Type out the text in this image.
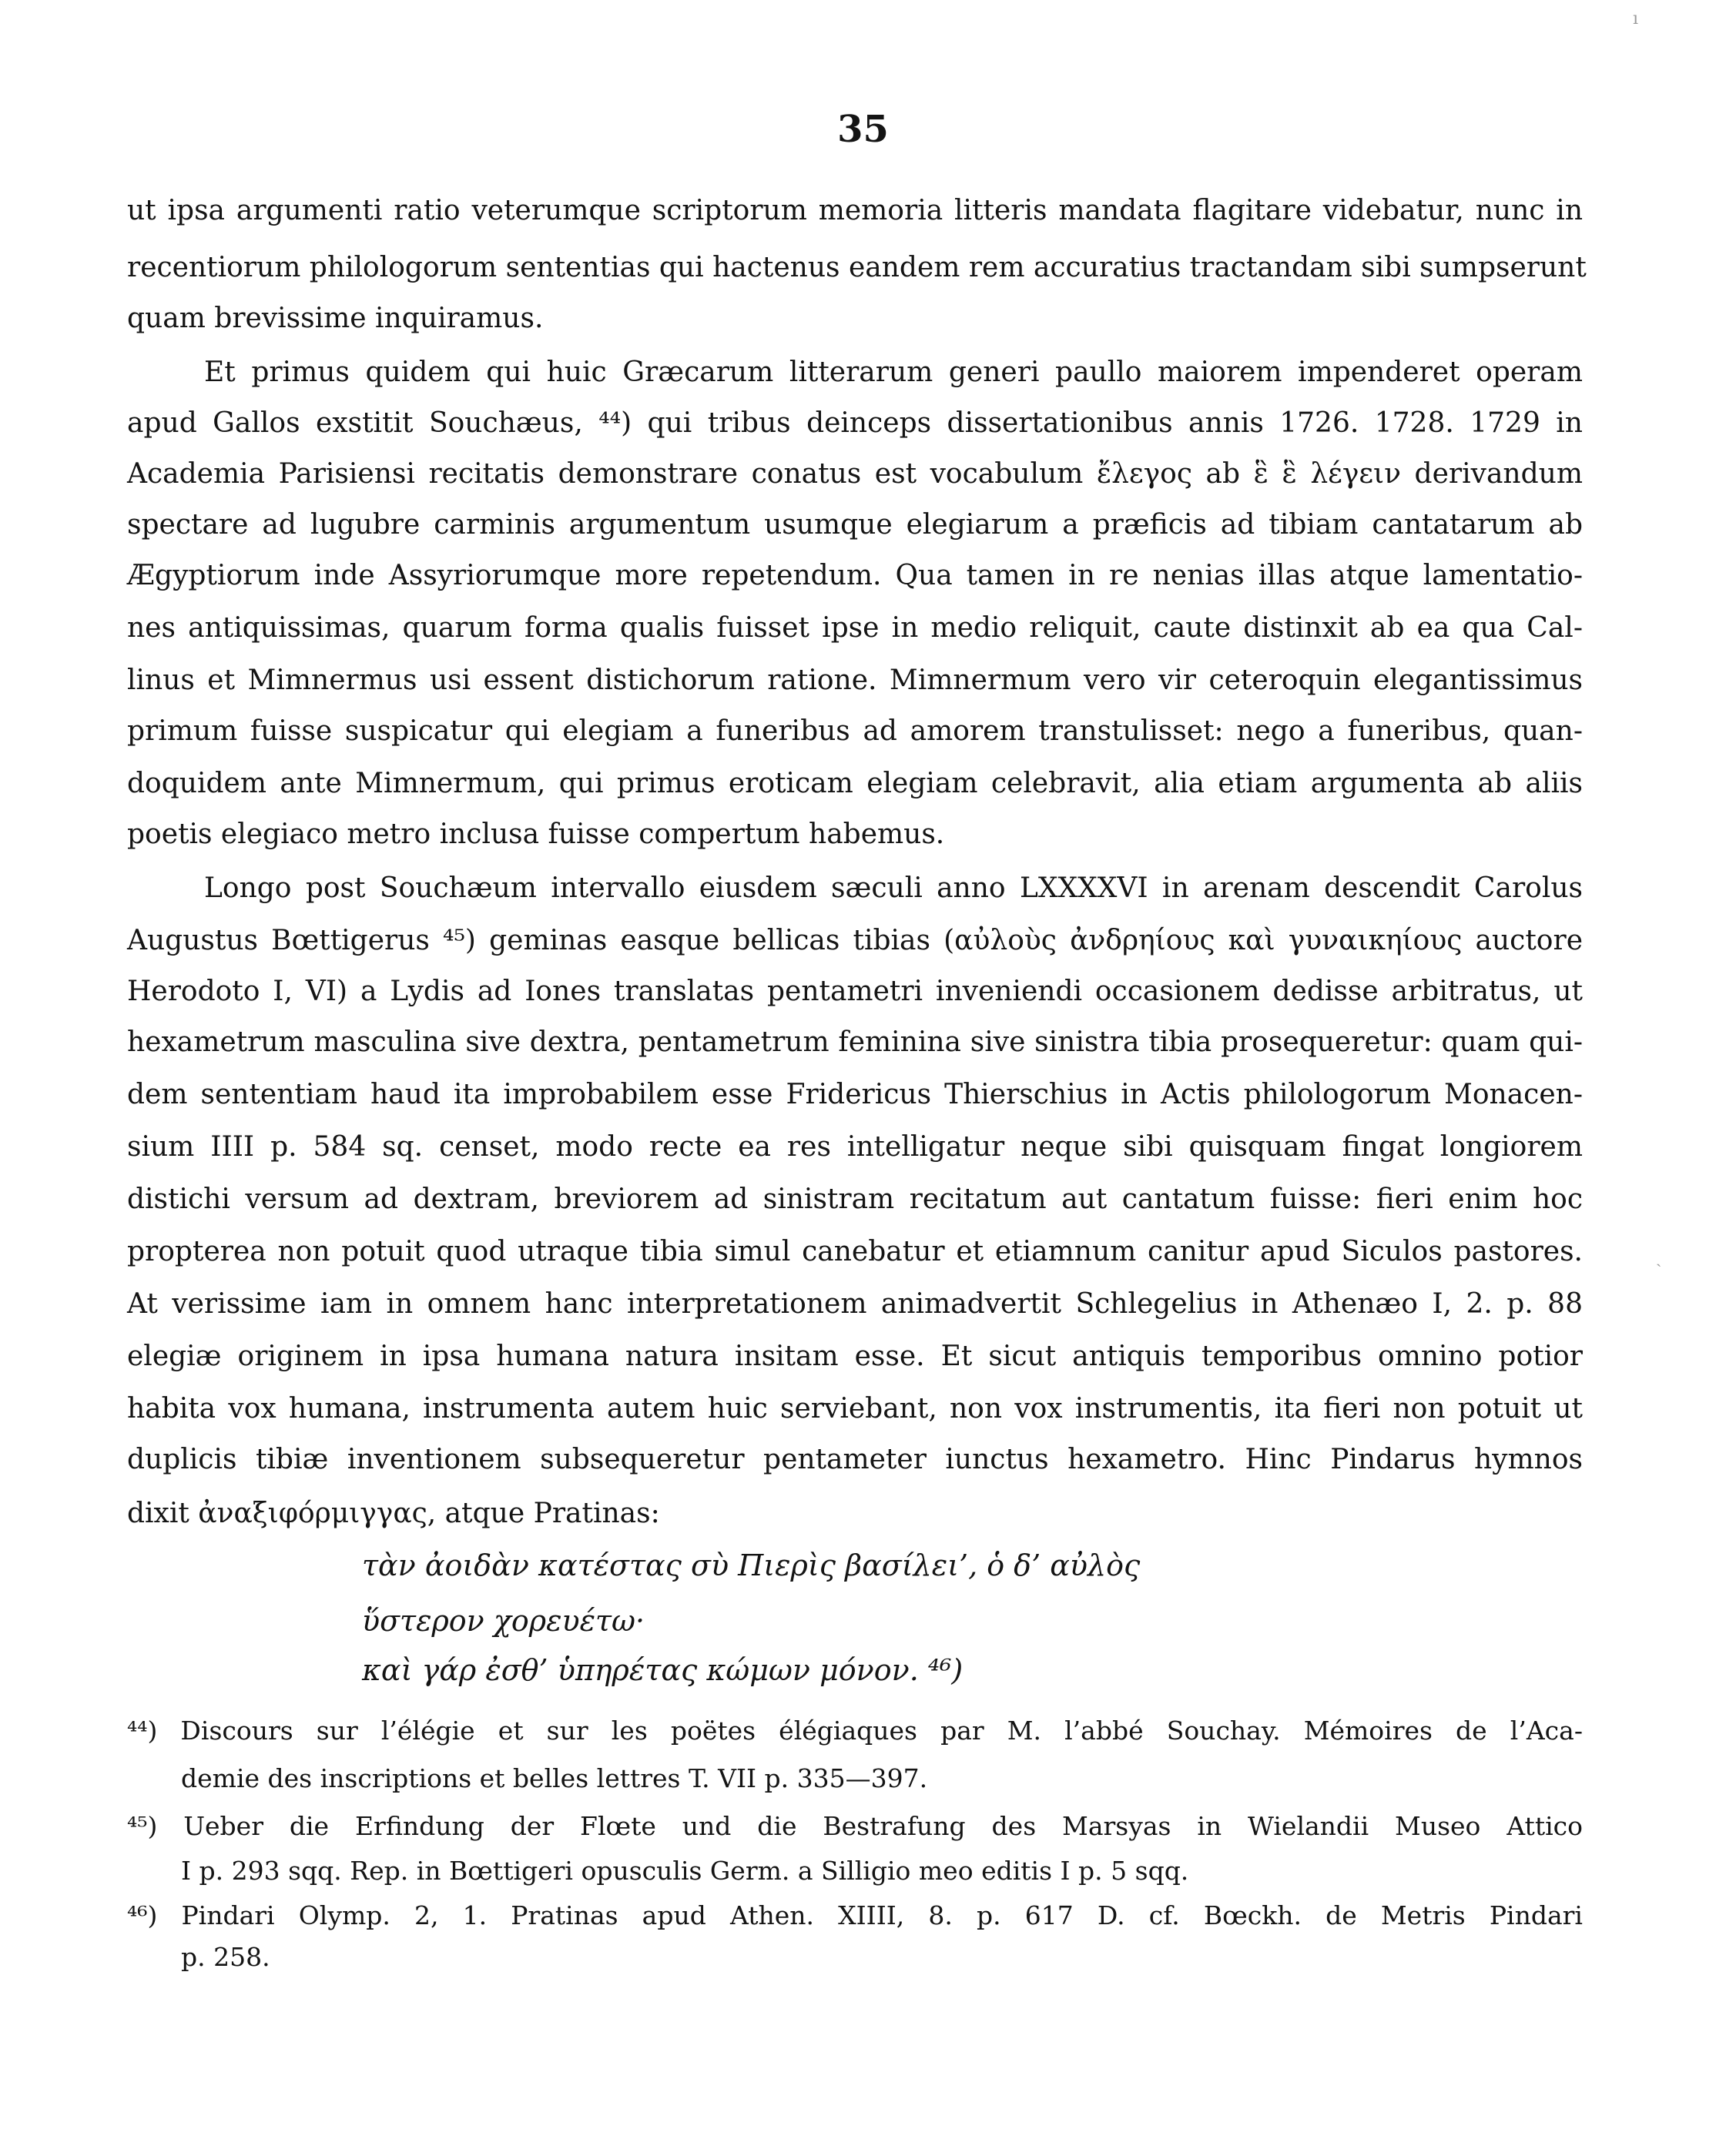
35
ut ipsa argumenti ratio veterumque scriptorum memoria litteris mandata flagitare videbatur, nunc in
recentiorum philologorum sententias qui hactenus eandem rem accuratius tractandam sibi sumpserunt
quam brevissime inquiramus.
Et primus quidem qui huic Græcarum litterarum generi paullo maiorem impenderet operam
apud Gallos exstitit Souchæus, ⁴⁴) qui tribus deinceps dissertationibus annis 1726. 1728. 1729 in
Academia Parisiensi recitatis demonstrare conatus est vocabulum ἔλεγος ab ἓ ἓ λέγειν derivandum
spectare ad lugubre carminis argumentum usumque elegiarum a præficis ad tibiam cantatarum ab
Ægyptiorum inde Assyriorumque more repetendum. Qua tamen in re nenias illas atque lamentatio-
nes antiquissimas, quarum forma qualis fuisset ipse in medio reliquit, caute distinxit ab ea qua Cal-
linus et Mimnermus usi essent distichorum ratione. Mimnermum vero vir ceteroquin elegantissimus
primum fuisse suspicatur qui elegiam a funeribus ad amorem transtulisset: nego a funeribus, quan-
doquidem ante Mimnermum, qui primus eroticam elegiam celebravit, alia etiam argumenta ab aliis
poetis elegiaco metro inclusa fuisse compertum habemus.
Longo post Souchæum intervallo eiusdem sæculi anno LXXXXVI in arenam descendit Carolus
Augustus Bœttigerus ⁴⁵) geminas easque bellicas tibias (αὐλοὺς ἀνδρηίους καὶ γυναικηίους auctore
Herodoto I, VI) a Lydis ad Iones translatas pentametri inveniendi occasionem dedisse arbitratus, ut
hexametrum masculina sive dextra, pentametrum feminina sive sinistra tibia prosequeretur: quam qui-
dem sententiam haud ita improbabilem esse Fridericus Thierschius in Actis philologorum Monacen-
sium IIII p. 584 sq. censet, modo recte ea res intelligatur neque sibi quisquam fingat longiorem
distichi versum ad dextram, breviorem ad sinistram recitatum aut cantatum fuisse: fieri enim hoc
propterea non potuit quod utraque tibia simul canebatur et etiamnum canitur apud Siculos pastores.
At verissime iam in omnem hanc interpretationem animadvertit Schlegelius in Athenæo I, 2. p. 88
elegiæ originem in ipsa humana natura insitam esse. Et sicut antiquis temporibus omnino potior
habita vox humana, instrumenta autem huic serviebant, non vox instrumentis, ita fieri non potuit ut
duplicis tibiæ inventionem subsequeretur pentameter iunctus hexametro. Hinc Pindarus hymnos
dixit ἀναξιφόρμιγγας, atque Pratinas:
τὰν ἀοιδὰν κατέστας σὺ Πιερὶς βασίλει’, ὁ δ’ αὐλὸς
ὕστερον χορευέτω·
καὶ γάρ ἐσθ’ ὑπηρέτας κώμων μόνον. ⁴⁶)
⁴⁴) Discours sur l’élégie et sur les poëtes élégiaques par M. l’abbé Souchay. Mémoires de l’Aca-
demie des inscriptions et belles lettres T. VII p. 335—397.
⁴⁵) Ueber die Erfindung der Flœte und die Bestrafung des Marsyas in Wielandii Museo Attico
I p. 293 sqq. Rep. in Bœttigeri opusculis Germ. a Silligio meo editis I p. 5 sqq.
⁴⁶) Pindari Olymp. 2, 1. Pratinas apud Athen. XIIII, 8. p. 617 D. cf. Bœckh. de Metris Pindari
p. 258.
ı
ˎ
